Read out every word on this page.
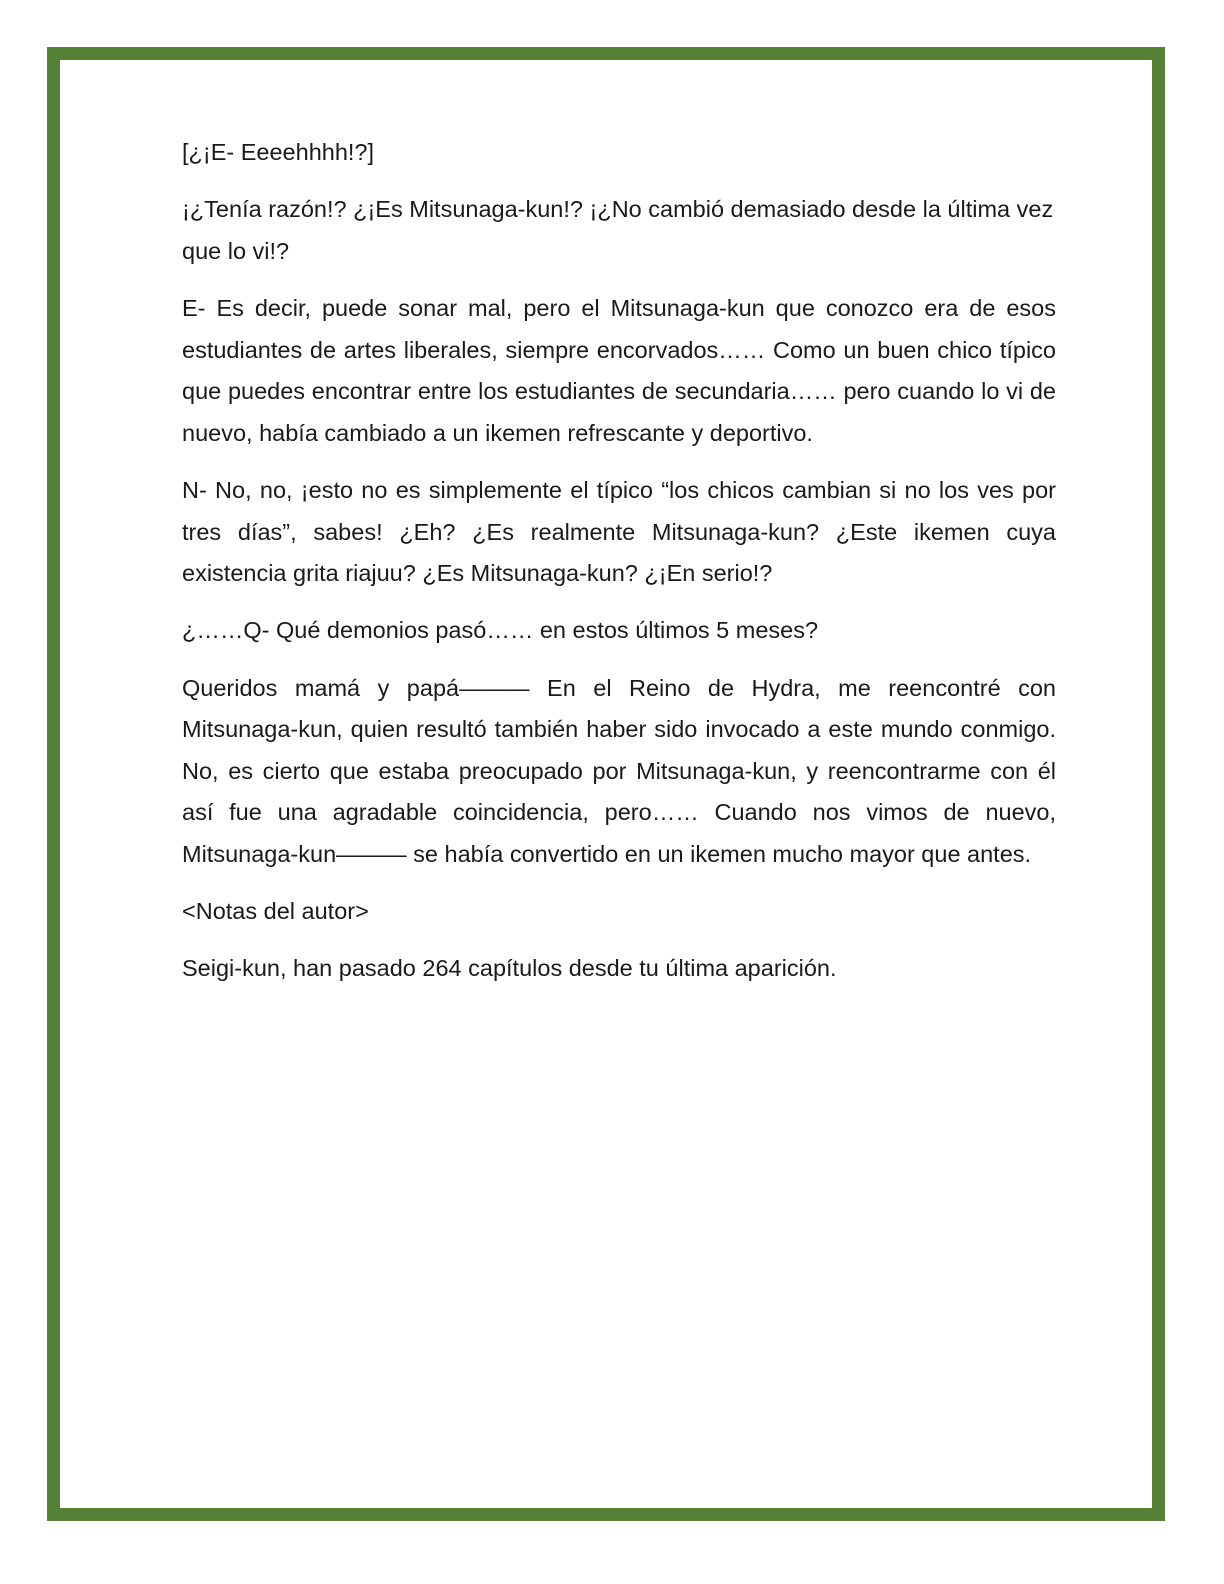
[¿¡E- Eeeehhhh!?]

¡¿Tenía razón!? ¿¡Es Mitsunaga-kun!? ¡¿No cambió demasiado desde la última vez que lo vi!?

E- Es decir, puede sonar mal, pero el Mitsunaga-kun que conozco era de esos estudiantes de artes liberales, siempre encorvados…… Como un buen chico típico que puedes encontrar entre los estudiantes de secundaria…… pero cuando lo vi de nuevo, había cambiado a un ikemen refrescante y deportivo.

N- No, no, ¡esto no es simplemente el típico “los chicos cambian si no los ves por tres días”, sabes! ¿Eh? ¿Es realmente Mitsunaga-kun? ¿Este ikemen cuya existencia grita riajuu? ¿Es Mitsunaga-kun? ¿¡En serio!?

¿……Q- Qué demonios pasó…… en estos últimos 5 meses?

Queridos mamá y papá——— En el Reino de Hydra, me reencontré con Mitsunaga-kun, quien resultó también haber sido invocado a este mundo conmigo. No, es cierto que estaba preocupado por Mitsunaga-kun, y reencontrarme con él así fue una agradable coincidencia, pero…… Cuando nos vimos de nuevo, Mitsunaga-kun——— se había convertido en un ikemen mucho mayor que antes.

<Notas del autor>

Seigi-kun, han pasado 264 capítulos desde tu última aparición.
